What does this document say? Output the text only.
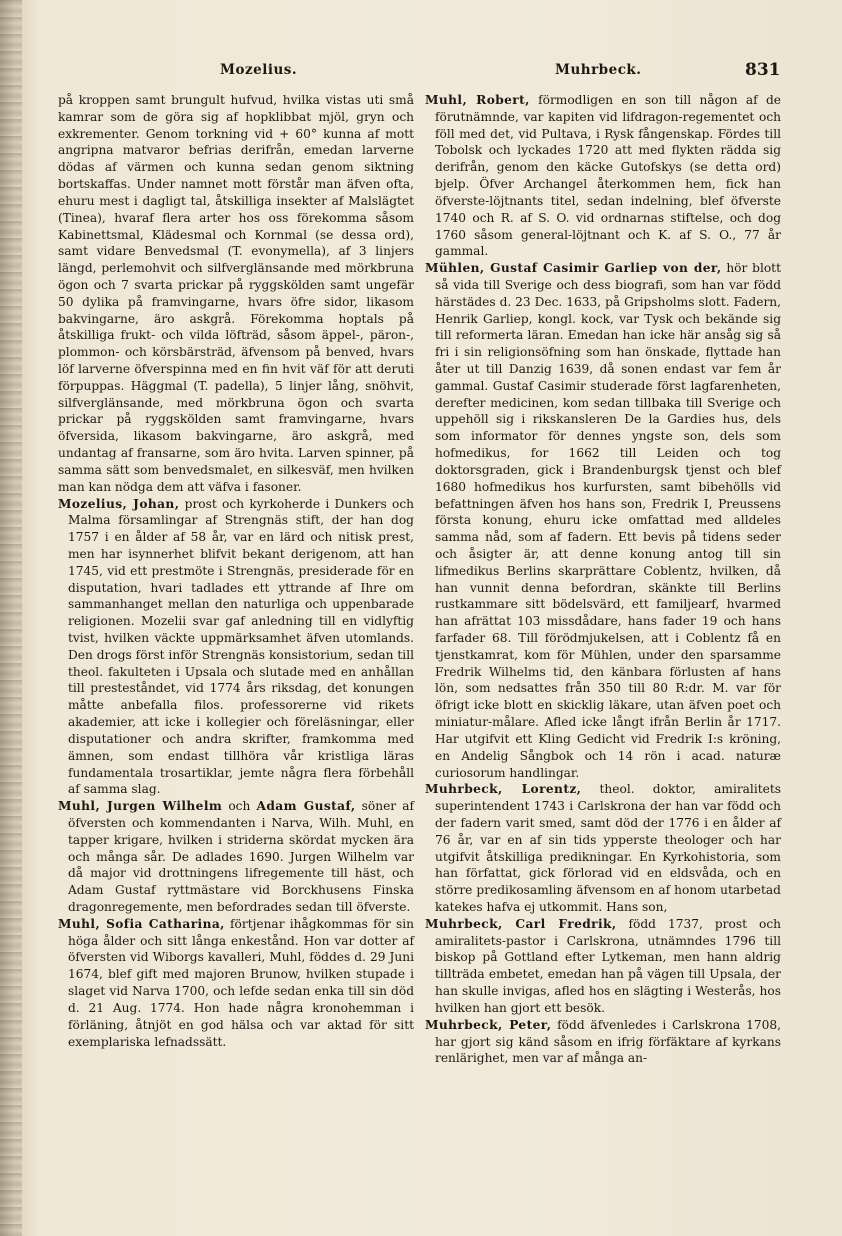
Mozelius.	Muhrbeck.	831

på kroppen samt brungult hufvud, hvilka vistas uti små kamrar som de göra sig af hopklibbat mjöl, gryn och exkrementer. Genom torkning vid + 60° kunna af mott angripna matvaror befrias derifrån, emedan larverne dödas af värmen och kunna sedan genom siktning bortskaffas. Under namnet mott förstår man äfven ofta, ehuru mest i dagligt tal, åtskilliga insekter af Malslägtet (Tinea), hvaraf flera arter hos oss förekomma såsom Kabinettsmal, Klädesmal och Kornmal (se dessa ord), samt vidare Benvedsmal (T. evonymella), af 3 linjers längd, perlemohvit och silfverglänsande med mörkbruna ögon och 7 svarta prickar på ryggskölden samt ungefär 50 dylika på framvingarne, hvars öfre sidor, likasom bakvingarne, äro askgrå. Förekomma hoptals på åtskilliga frukt- och vilda löfträd, såsom äppel-, päron-, plommon- och körsbärsträd, äfvensom på benved, hvars löf larverne öfverspinna med en fin hvit väf för att deruti förpuppas. Häggmal (T. padella), 5 linjer lång, snöhvit, silfverglänsande, med mörkbruna ögon och svarta prickar på ryggskölden samt framvingarne, hvars öfversida, likasom bakvingarne, äro askgrå, med undantag af fransarne, som äro hvita. Larven spinner, på samma sätt som benvedsmalet, en silkesväf, men hvilken man kan nödga dem att väfva i fasoner.

Mozelius, Johan, prost och kyrkoherde i Dunkers och Malma församlingar af Strengnäs stift, der han dog 1757 i en ålder af 58 år, var en lärd och nitisk prest, men har isynnerhet blifvit bekant derigenom, att han 1745, vid ett prestmöte i Strengnäs, presiderade för en disputation, hvari tadlades ett yttrande af Ihre om sammanhanget mellan den naturliga och uppenbarade religionen. Mozelii svar gaf anledning till en vidlyftig tvist, hvilken väckte uppmärksamhet äfven utomlands. Den drogs först inför Strengnäs konsistorium, sedan till theol. fakulteten i Upsala och slutade med en anhållan till presteståndet, vid 1774 års riksdag, det konungen måtte anbefalla filos. professorerne vid rikets akademier, att icke i kollegier och föreläsningar, eller disputationer och andra skrifter, framkomma med ämnen, som endast tillhöra vår kristliga läras fundamentala trosartiklar, jemte några flera förbehåll af samma slag.

Muhl, Jurgen Wilhelm och Adam Gustaf, söner af öfversten och kommendanten i Narva, Wilh. Muhl, en tapper krigare, hvilken i striderna skördat mycken ära och många sår. De adlades 1690. Jurgen Wilhelm var då major vid drottningens lifregemente till häst, och Adam Gustaf ryttmästare vid Borckhusens Finska dragonregemente, men befordrades sedan till öfverste.

Muhl, Sofia Catharina, förtjenar ihågkommas för sin höga ålder och sitt långa enkestånd. Hon var dotter af öfversten vid Wiborgs kavalleri, Muhl, föddes d. 29 Juni 1674, blef gift med majoren Brunow, hvilken stupade i slaget vid Narva 1700, och lefde sedan enka till sin död d. 21 Aug. 1774. Hon hade några kronohemman i förläning, åtnjöt en god hälsa och var aktad för sitt exemplariska lefnadssätt.

Muhl, Robert, förmodligen en son till någon af de förutnämnde, var kapiten vid lifdragon-regementet och föll med det, vid Pultava, i Rysk fångenskap. Fördes till Tobolsk och lyckades 1720 att med flykten rädda sig derifrån, genom den käcke Gutofskys (se detta ord) bjelp. Öfver Archangel återkommen hem, fick han öfverste-löjtnants titel, sedan indelning, blef öfverste 1740 och R. af S. O. vid ordnarnas stiftelse, och dog 1760 såsom general-löjtnant och K. af S. O., 77 år gammal.

Mühlen, Gustaf Casimir Garliep von der, hör blott så vida till Sverige och dess biografi, som han var född härstädes d. 23 Dec. 1633, på Gripsholms slott. Fadern, Henrik Garliep, kongl. kock, var Tysk och bekände sig till reformerta läran. Emedan han icke här ansåg sig så fri i sin religionsöfning som han önskade, flyttade han åter ut till Danzig 1639, då sonen endast var fem år gammal. Gustaf Casimir studerade först lagfarenheten, derefter medicinen, kom sedan tillbaka till Sverige och uppehöll sig i rikskansleren De la Gardies hus, dels som informator för dennes yngste son, dels som hofmedikus, for 1662 till Leiden och tog doktorsgraden, gick i Brandenburgsk tjenst och blef 1680 hofmedikus hos kurfursten, samt bibehölls vid befattningen äfven hos hans son, Fredrik I, Preussens första konung, ehuru icke omfattad med alldeles samma nåd, som af fadern. Ett bevis på tidens seder och åsigter är, att denne konung antog till sin lifmedikus Berlins skarprättare Coblentz, hvilken, då han vunnit denna befordran, skänkte till Berlins rustkammare sitt bödelsvärd, ett familjearf, hvarmed han afrättat 103 missdådare, hans fader 19 och hans farfader 68. Till förödmjukelsen, att i Coblentz få en tjenstkamrat, kom för Mühlen, under den sparsamme Fredrik Wilhelms tid, den känbara förlusten af hans lön, som nedsattes från 350 till 80 R:dr. M. var för öfrigt icke blott en skicklig läkare, utan äfven poet och miniatur-målare. Afled icke långt ifrån Berlin år 1717. Har utgifvit ett Kling Gedicht vid Fredrik I:s kröning, en Andelig Sångbok och 14 rön i acad. naturæ curiosorum handlingar.

Muhrbeck, Lorentz, theol. doktor, amiralitets superintendent 1743 i Carlskrona der han var född och der fadern varit smed, samt död der 1776 i en ålder af 76 år, var en af sin tids ypperste theologer och har utgifvit åtskilliga predikningar. En Kyrkohistoria, som han författat, gick förlorad vid en eldsvåda, och en större predikosamling äfvensom en af honom utarbetad katekes hafva ej utkommit. Hans son,

Muhrbeck, Carl Fredrik, född 1737, prost och amiralitets-pastor i Carlskrona, utnämndes 1796 till biskop på Gottland efter Lytkeman, men hann aldrig tillträda embetet, emedan han på vägen till Upsala, der han skulle invigas, afled hos en slägting i Westerås, hos hvilken han gjort ett besök.

Muhrbeck, Peter, född äfvenledes i Carlskrona 1708, har gjort sig känd såsom en ifrig förfäktare af kyrkans renlärighet, men var af många an-
